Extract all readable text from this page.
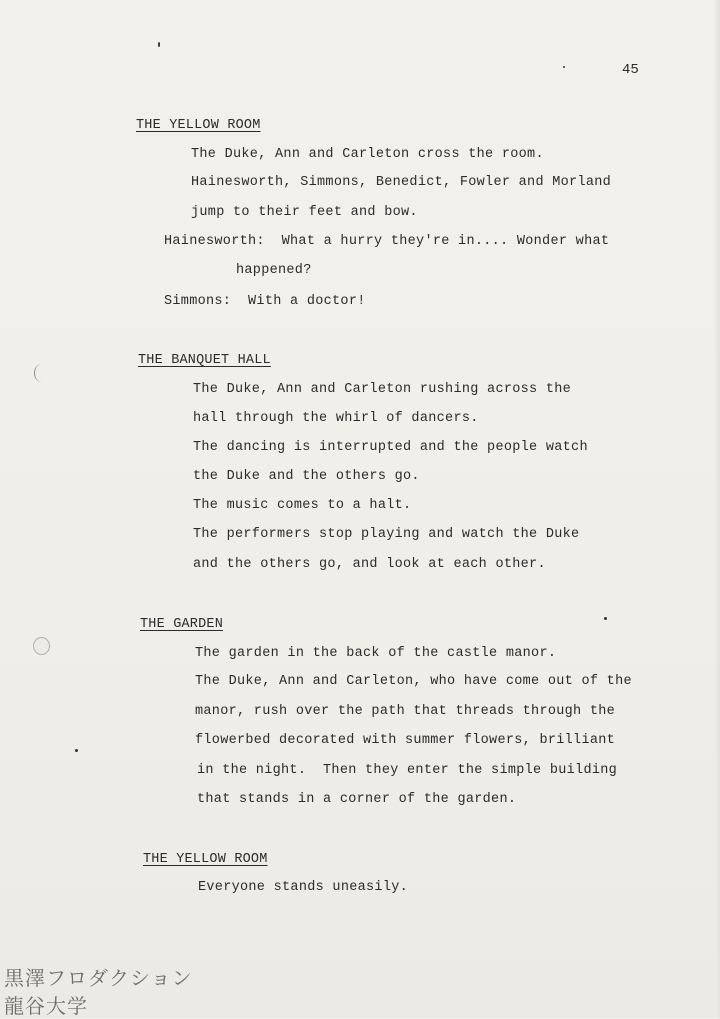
45
THE YELLOW ROOM
The Duke, Ann and Carleton cross the room.
Hainesworth, Simmons, Benedict, Fowler and Morland
jump to their feet and bow.
Hainesworth:  What a hurry they're in.... Wonder what
happened?
Simmons:  With a doctor!
THE BANQUET HALL
The Duke, Ann and Carleton rushing across the
hall through the whirl of dancers.
The dancing is interrupted and the people watch
the Duke and the others go.
The music comes to a halt.
The performers stop playing and watch the Duke
and the others go, and look at each other.
THE GARDEN
The garden in the back of the castle manor.
The Duke, Ann and Carleton, who have come out of the
manor, rush over the path that threads through the
flowerbed decorated with summer flowers, brilliant
in the night.  Then they enter the simple building
that stands in a corner of the garden.
THE YELLOW ROOM
Everyone stands uneasily.
黒澤フロダクション
龍谷大学
